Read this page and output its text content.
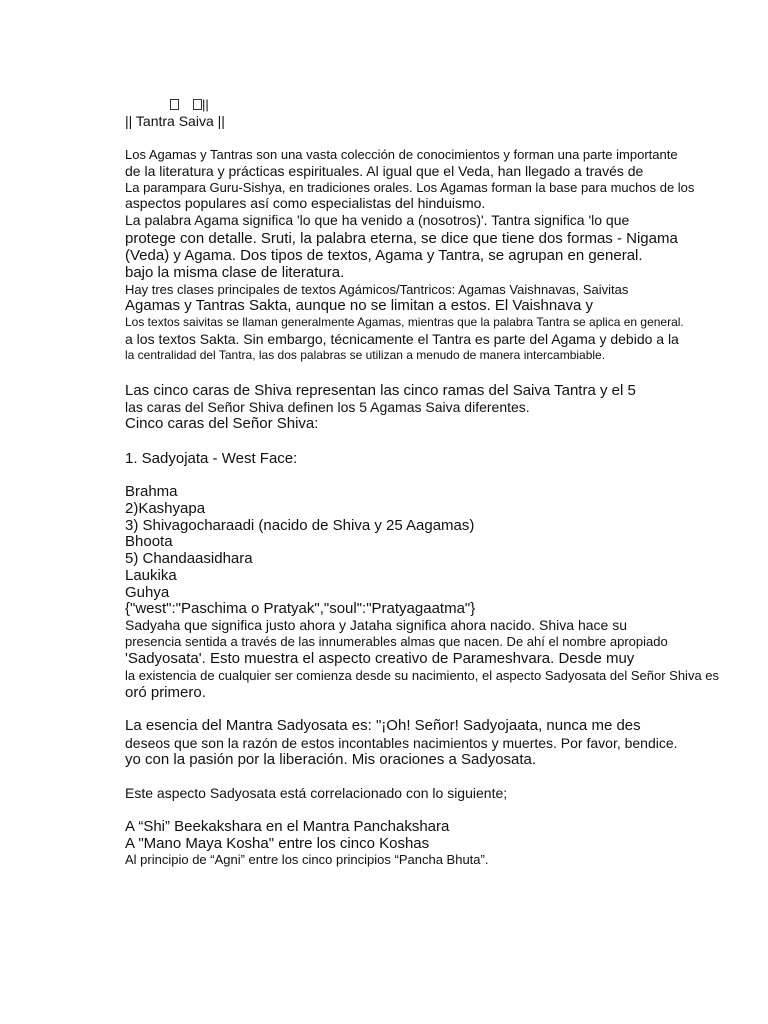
||
|| Tantra Saiva ||
Los Agamas y Tantras son una vasta colección de conocimientos y forman una parte importante
de la literatura y prácticas espirituales. Al igual que el Veda, han llegado a través de
La parampara Guru-Sishya, en tradiciones orales. Los Agamas forman la base para muchos de los
aspectos populares así como especialistas del hinduismo.
La palabra Agama significa 'lo que ha venido a (nosotros)'. Tantra significa 'lo que
protege con detalle. Sruti, la palabra eterna, se dice que tiene dos formas - Nigama
(Veda) y Agama. Dos tipos de textos, Agama y Tantra, se agrupan en general.
bajo la misma clase de literatura.
Hay tres clases principales de textos Agámicos/Tantricos: Agamas Vaishnavas, Saivitas
Agamas y Tantras Sakta, aunque no se limitan a estos. El Vaishnava y
Los textos saivitas se llaman generalmente Agamas, mientras que la palabra Tantra se aplica en general.
a los textos Sakta. Sin embargo, técnicamente el Tantra es parte del Agama y debido a la
la centralidad del Tantra, las dos palabras se utilizan a menudo de manera intercambiable.
Las cinco caras de Shiva representan las cinco ramas del Saiva Tantra y el 5
las caras del Señor Shiva definen los 5 Agamas Saiva diferentes.
Cinco caras del Señor Shiva:
1. Sadyojata - West Face:
Brahma
2)Kashyapa
3) Shivagocharaadi (nacido de Shiva y 25 Aagamas)
Bhoota
5) Chandaasidhara
Laukika
Guhya
{"west":"Paschima o Pratyak","soul":"Pratyagaatma"}
Sadyaha que significa justo ahora y Jataha significa ahora nacido. Shiva hace su
presencia sentida a través de las innumerables almas que nacen. De ahí el nombre apropiado
'Sadyosata'. Esto muestra el aspecto creativo de Parameshvara. Desde muy
la existencia de cualquier ser comienza desde su nacimiento, el aspecto Sadyosata del Señor Shiva es
oró primero.
La esencia del Mantra Sadyosata es: "¡Oh! Señor! Sadyojaata, nunca me des
deseos que son la razón de estos incontables nacimientos y muertes. Por favor, bendice.
yo con la pasión por la liberación. Mis oraciones a Sadyosata.
Este aspecto Sadyosata está correlacionado con lo siguiente;
A “Shi” Beekakshara en el Mantra Panchakshara
A "Mano Maya Kosha" entre los cinco Koshas
Al principio de “Agni” entre los cinco principios “Pancha Bhuta”.
